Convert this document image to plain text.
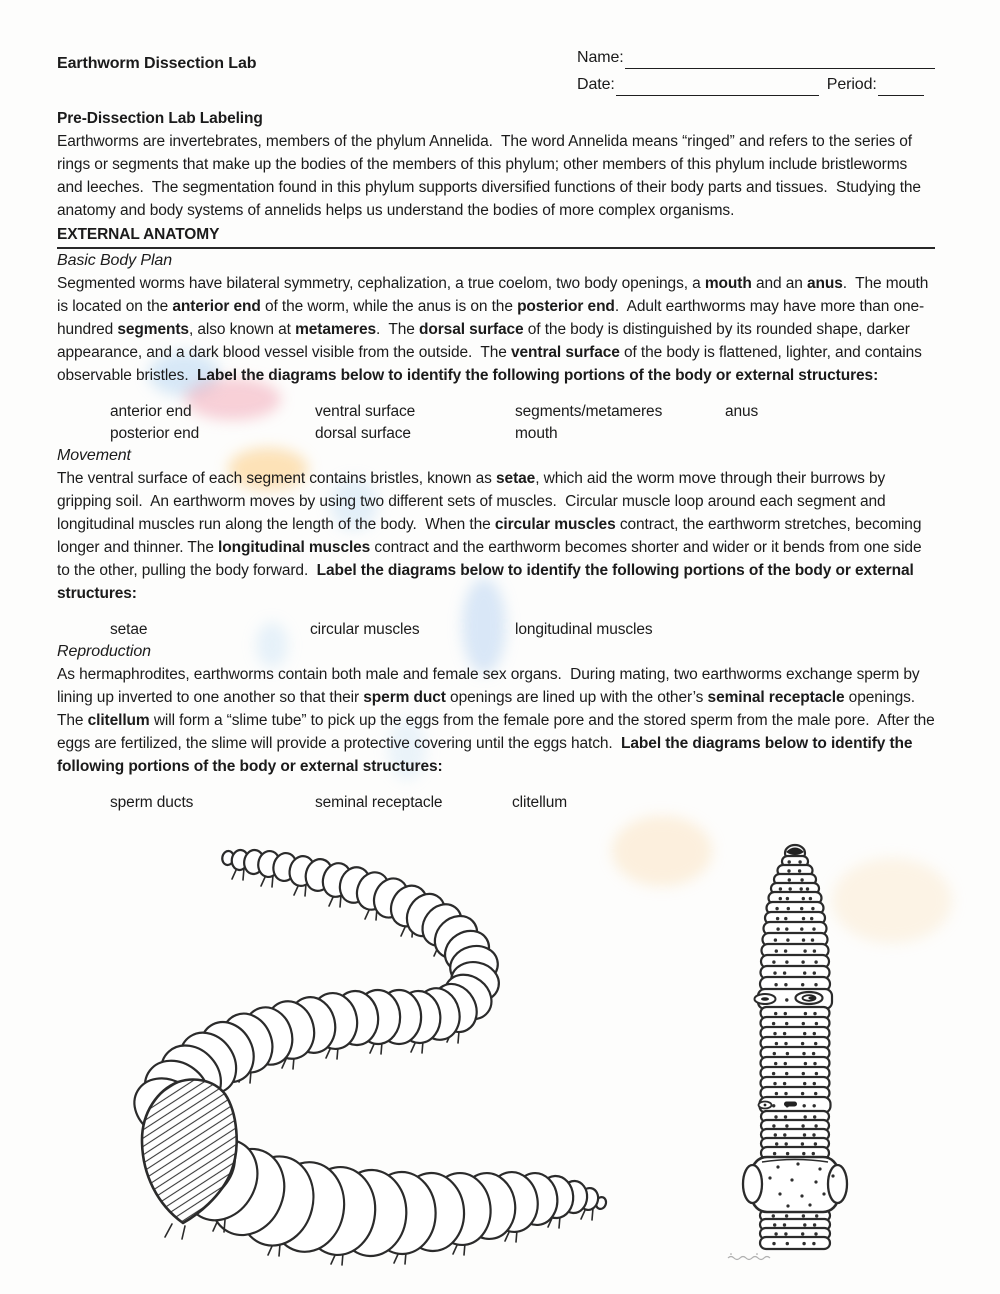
Earthworm Dissection Lab	Name:
Date:	Period:
Pre-Dissection Lab Labeling

Earthworms are invertebrates, members of the phylum Annelida.  The word Annelida means “ringed” and refers to the series of rings or segments that make up the bodies of the members of this phylum; other members of this phylum include bristleworms and leeches.  The segmentation found in this phylum supports diversified functions of their body parts and tissues.  Studying the anatomy and body systems of annelids helps us understand the bodies of more complex organisms.

EXTERNAL ANATOMY
Basic Body Plan

Segmented worms have bilateral symmetry, cephalization, a true coelom, two body openings, a mouth and an anus.  The mouth is located on the anterior end of the worm, while the anus is on the posterior end.  Adult earthworms may have more than one-hundred segments, also known at metameres.  The dorsal surface of the body is distinguished by its rounded shape, darker appearance, and a dark blood vessel visible from the outside.  The ventral surface of the body is flattened, lighter, and contains observable bristles.  Label the diagrams below to identify the following portions of the body or external structures:

anterior end	ventral surface	segments/metameres	anus
posterior end	dorsal surface	mouth
Movement

The ventral surface of each segment contains bristles, known as setae, which aid the worm move through their burrows by gripping soil.  An earthworm moves by using two different sets of muscles.  Circular muscle loop around each segment and longitudinal muscles run along the length of the body.  When the circular muscles contract, the earthworm stretches, becoming longer and thinner. The longitudinal muscles contract and the earthworm becomes shorter and wider or it bends from one side to the other, pulling the body forward.  Label the diagrams below to identify the following portions of the body or external structures:

setae	circular muscles	longitudinal muscles
Reproduction

As hermaphrodites, earthworms contain both male and female sex organs.  During mating, two earthworms exchange sperm by lining up inverted to one another so that their sperm duct openings are lined up with the other’s seminal receptacle openings.  The clitellum will form a “slime tube” to pick up the eggs from the female pore and the stored sperm from the male pore.  After the eggs are fertilized, the slime will provide a protective covering until the eggs hatch.  Label the diagrams below to identify the following portions of the body or external structures:

sperm ducts	seminal receptacle	clitellum
